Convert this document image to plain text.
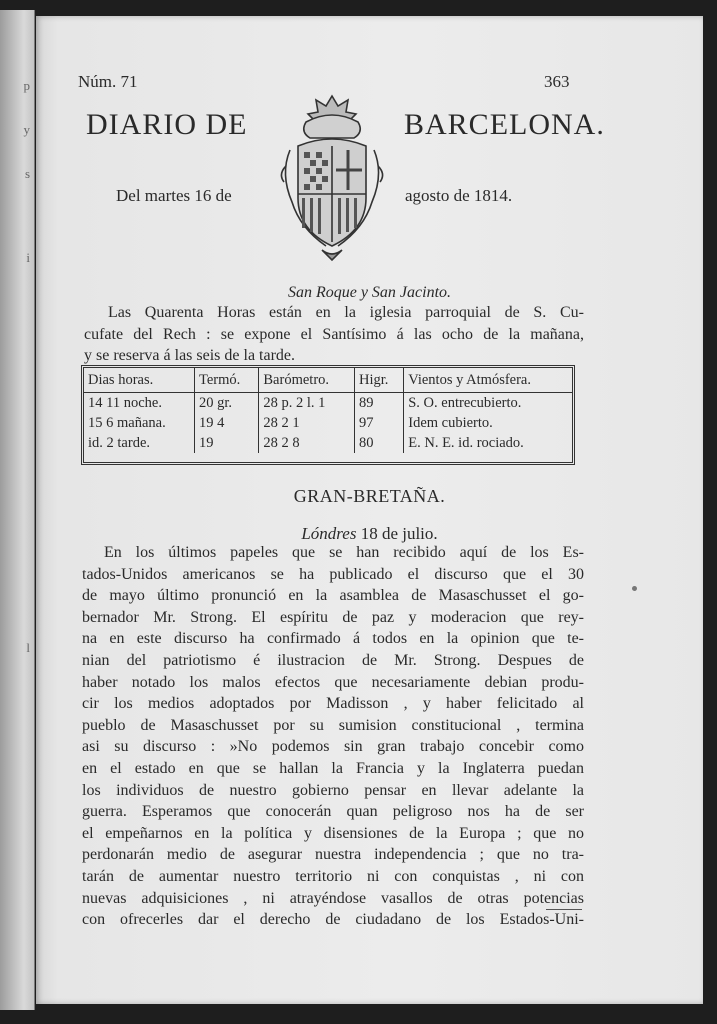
p
y
s
i
l
Núm. 71	363
DIARIO DE	BARCELONA.
Del martes 16 de	agosto de 1814.
San Roque y San Jacinto.

Las Quarenta Horas están en la iglesia parroquial de S. Cu-

cufate del Rech : se expone el Santísimo á las ocho de la mañana,

y se reserva á las seis de la tarde.

Dias horas.	Termó.	Barómetro.	Higr.	Vientos y Atmósfera.
14 11 noche.	20 gr.	28 p. 2 l. 1	89	S. O. entrecubierto.
15 6 mañana.	19 4	28 2 1	97	Idem cubierto.
id. 2 tarde.	19	28 2 8	80	E. N. E. id. rociado.
GRAN-BRETAÑA.
Lóndres 18 de julio.
En los últimos papeles que se han recibido aquí de los Es-
tados-Unidos americanos se ha publicado el discurso que el 30
de mayo último pronunció en la asamblea de Masaschusset el go-
bernador Mr. Strong. El espíritu de paz y moderacion que rey-
na en este discurso ha confirmado á todos en la opinion que te-
nian del patriotismo é ilustracion de Mr. Strong. Despues de
haber notado los malos efectos que necesariamente debian produ-
cir los medios adoptados por Madisson , y haber felicitado al
pueblo de Masaschusset por su sumision constitucional , termina
asi su discurso : »No podemos sin gran trabajo concebir como
en el estado en que se hallan la Francia y la Inglaterra puedan
los individuos de nuestro gobierno pensar en llevar adelante la
guerra. Esperamos que conocerán quan peligroso nos ha de ser
el empeñarnos en la política y disensiones de la Europa ; que no
perdonarán medio de asegurar nuestra independencia ; que no tra-
tarán de aumentar nuestro territorio ni con conquistas , ni con
nuevas adquisiciones , ni atrayéndose vasallos de otras potencias
con ofrecerles dar el derecho de ciudadano de los Estados-Uni-
